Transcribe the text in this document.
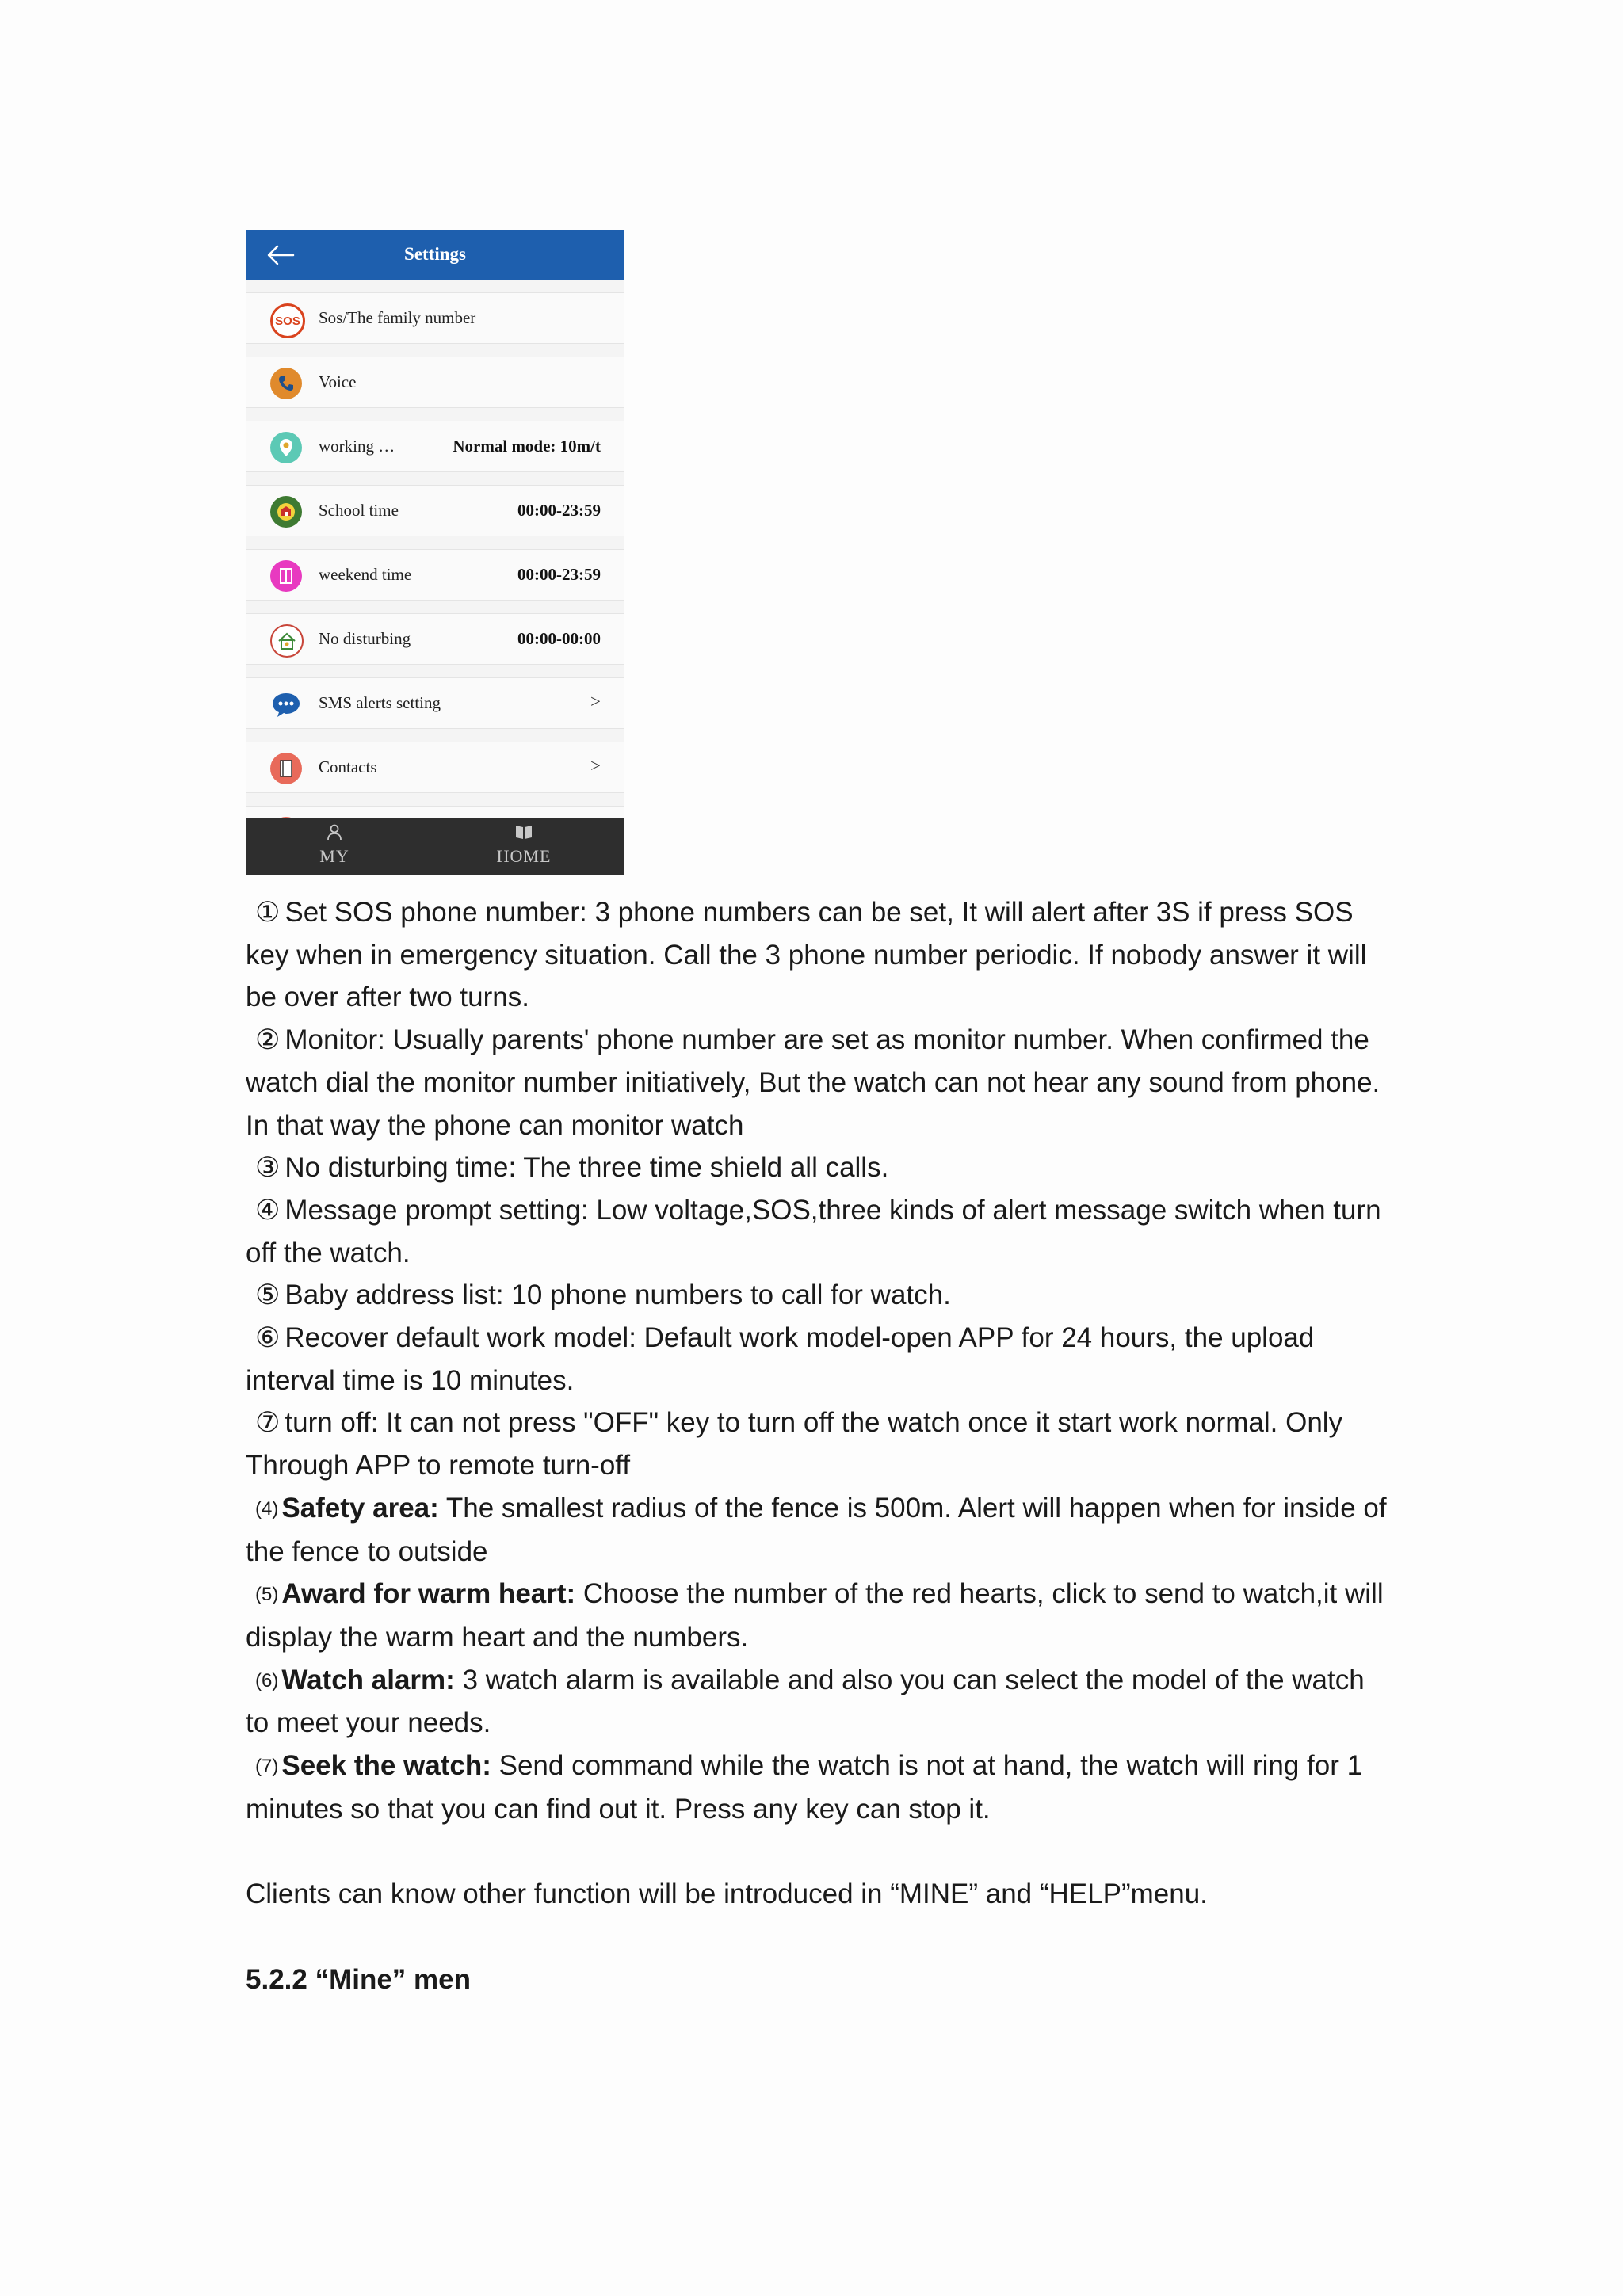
Settings
SOS Sos/The family number
Voice
working …	Normal mode: 10m/t
School time	00:00-23:59
weekend time	00:00-23:59
No disturbing	00:00-00:00
SMS alerts setting	>
Contacts	>
MY	HOME

① Set SOS phone number: 3 phone numbers can be set, It will alert after 3S if press SOS key when in emergency situation. Call the 3 phone number periodic. If nobody answer it will be over after two turns.

② Monitor: Usually parents' phone number are set as monitor number. When confirmed the watch dial the monitor number initiatively, But the watch can not hear any sound from phone. In that way the phone can monitor watch

③ No disturbing time: The three time shield all calls.

④ Message prompt setting: Low voltage,SOS,three kinds of alert message switch when turn off the watch.

⑤ Baby address list: 10 phone numbers to call for watch.

⑥ Recover default work model: Default work model-open APP for 24 hours, the upload interval time is 10 minutes.

⑦ turn off: It can not press "OFF" key to turn off the watch once it start work normal. Only Through APP to remote turn-off

(4) Safety area: The smallest radius of the fence is 500m. Alert will happen when for inside of the fence to outside

(5) Award for warm heart: Choose the number of the red hearts, click to send to watch,it will display the warm heart and the numbers.

(6) Watch alarm: 3 watch alarm is available and also you can select the model of the watch to meet your needs.

(7) Seek the watch: Send command while the watch is not at hand, the watch will ring for 1 minutes so that you can find out it. Press any key can stop it.

Clients can know other function will be introduced in “MINE” and “HELP”menu.

5.2.2 “Mine” men
